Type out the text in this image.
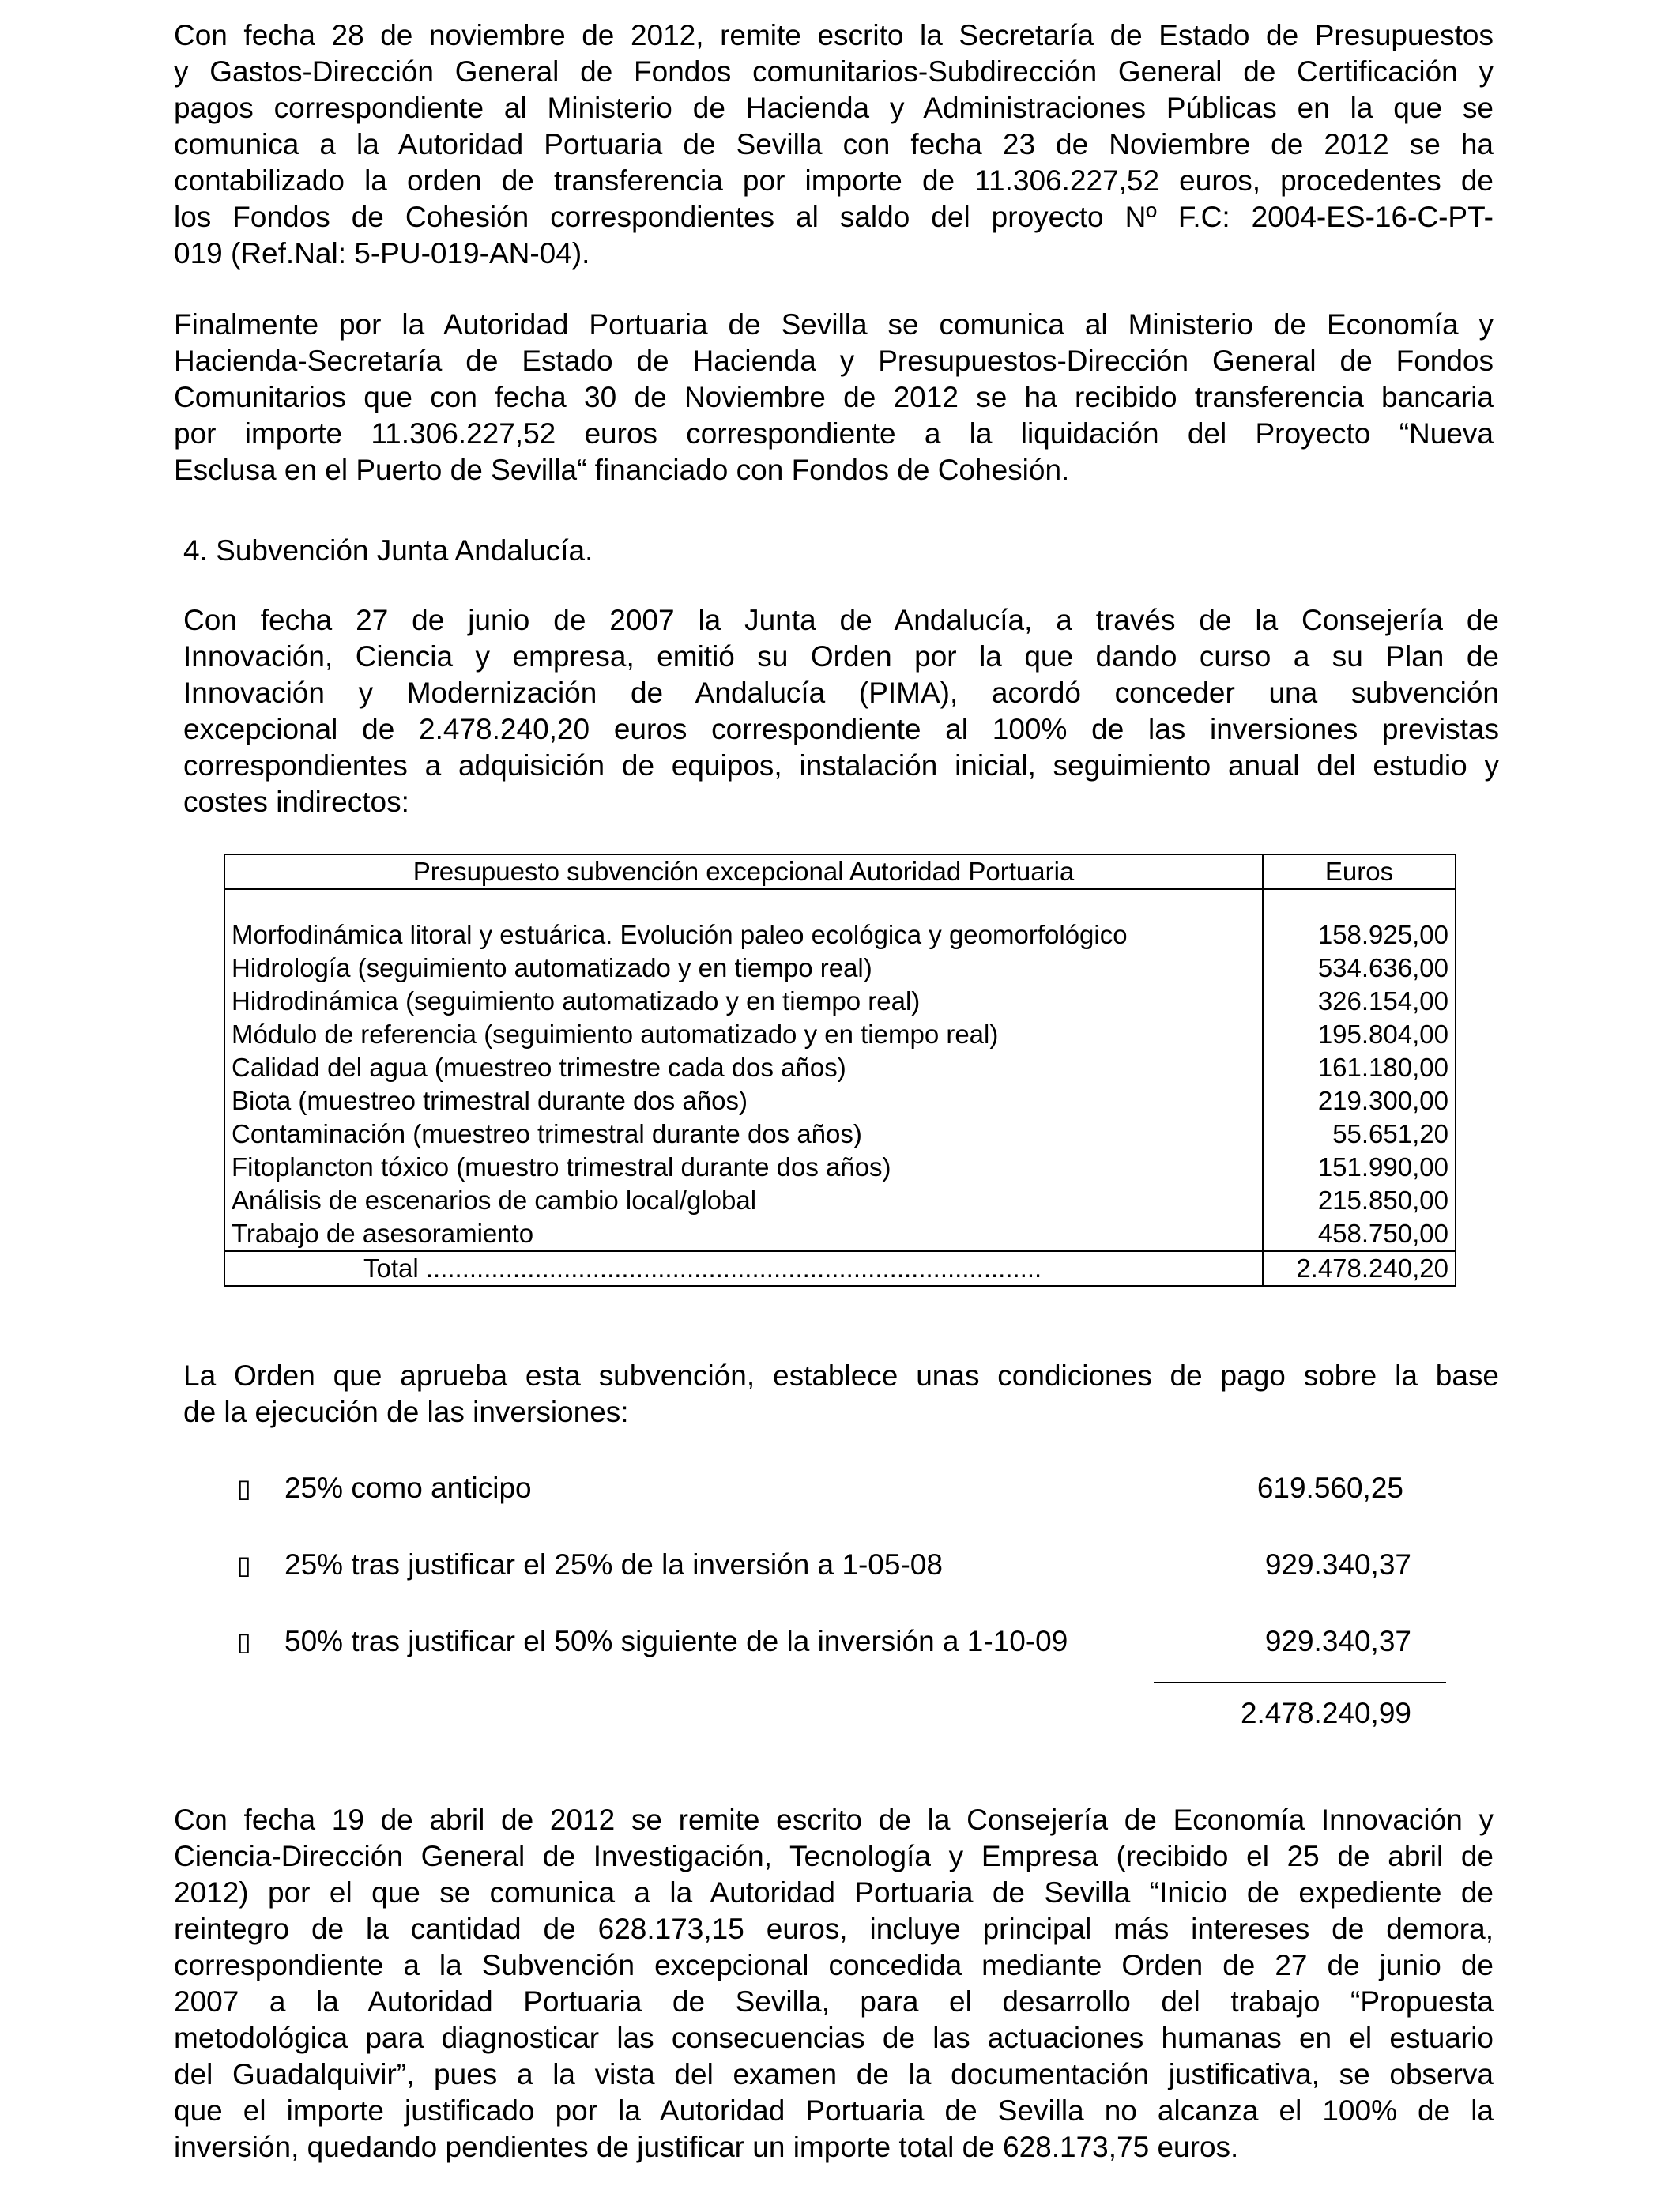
Con fecha 28 de noviembre de 2012, remite escrito la Secretaría de Estado de Presupuestos
y Gastos-Dirección General de Fondos comunitarios-Subdirección General de Certificación y
pagos correspondiente al Ministerio de Hacienda y Administraciones Públicas en la que se
comunica a la Autoridad Portuaria de Sevilla con fecha 23 de Noviembre de 2012 se ha
contabilizado la orden de transferencia por importe de 11.306.227,52 euros, procedentes de
los Fondos de Cohesión correspondientes al saldo del proyecto Nº F.C: 2004-ES-16-C-PT-
019 (Ref.Nal: 5-PU-019-AN-04).
Finalmente por la Autoridad Portuaria de Sevilla se comunica al Ministerio de Economía y
Hacienda-Secretaría de Estado de Hacienda y Presupuestos-Dirección General de Fondos
Comunitarios que con fecha 30 de Noviembre de 2012 se ha recibido transferencia bancaria
por importe 11.306.227,52 euros correspondiente a la liquidación del Proyecto “Nueva
Esclusa en el Puerto de Sevilla“ financiado con Fondos de Cohesión.
4. Subvención Junta Andalucía.
Con fecha 27 de junio de 2007 la Junta de Andalucía, a través de la Consejería de
Innovación, Ciencia y empresa, emitió su Orden por la que dando curso a su Plan de
Innovación y Modernización de Andalucía (PIMA), acordó conceder una subvención
excepcional de 2.478.240,20 euros correspondiente al 100% de las inversiones previstas
correspondientes a adquisición de equipos, instalación inicial, seguimiento anual del estudio y
costes indirectos:
Presupuesto subvención excepcional Autoridad Portuaria	Euros

Morfodinámica litoral y estuárica. Evolución paleo ecológica y geomorfológico	158.925,00
Hidrología (seguimiento automatizado y en tiempo real)	534.636,00
Hidrodinámica (seguimiento automatizado y en tiempo real)	326.154,00
Módulo de referencia (seguimiento automatizado y en tiempo real)	195.804,00
Calidad del agua (muestreo trimestre cada dos años)	161.180,00
Biota (muestreo trimestral durante dos años)	219.300,00
Contaminación (muestreo trimestral durante dos años)	55.651,20
Fitoplancton tóxico (muestro trimestral durante dos años)	151.990,00
Análisis de escenarios de cambio local/global	215.850,00
Trabajo de asesoramiento	458.750,00
Total .....................................................................................	2.478.240,20
La Orden que aprueba esta subvención, establece unas condiciones de pago sobre la base
de la ejecución de las inversiones:
▯ 25% como anticipo	619.560,25
▯ 25% tras justificar el 25% de la inversión a 1-05-08	929.340,37
▯ 50% tras justificar el 50% siguiente de la inversión a 1-10-09	929.340,37
2.478.240,99
Con fecha 19 de abril de 2012 se remite escrito de la Consejería de Economía Innovación y
Ciencia-Dirección General de Investigación, Tecnología y Empresa (recibido el 25 de abril de
2012) por el que se comunica a la Autoridad Portuaria de Sevilla “Inicio de expediente de
reintegro de la cantidad de 628.173,15 euros, incluye principal más intereses de demora,
correspondiente a la Subvención excepcional concedida mediante Orden de 27 de junio de
2007 a la Autoridad Portuaria de Sevilla, para el desarrollo del trabajo “Propuesta
metodológica para diagnosticar las consecuencias de las actuaciones humanas en el estuario
del Guadalquivir”, pues a la vista del examen de la documentación justificativa, se observa
que el importe justificado por la Autoridad Portuaria de Sevilla no alcanza el 100% de la
inversión, quedando pendientes de justificar un importe total de 628.173,75 euros.
